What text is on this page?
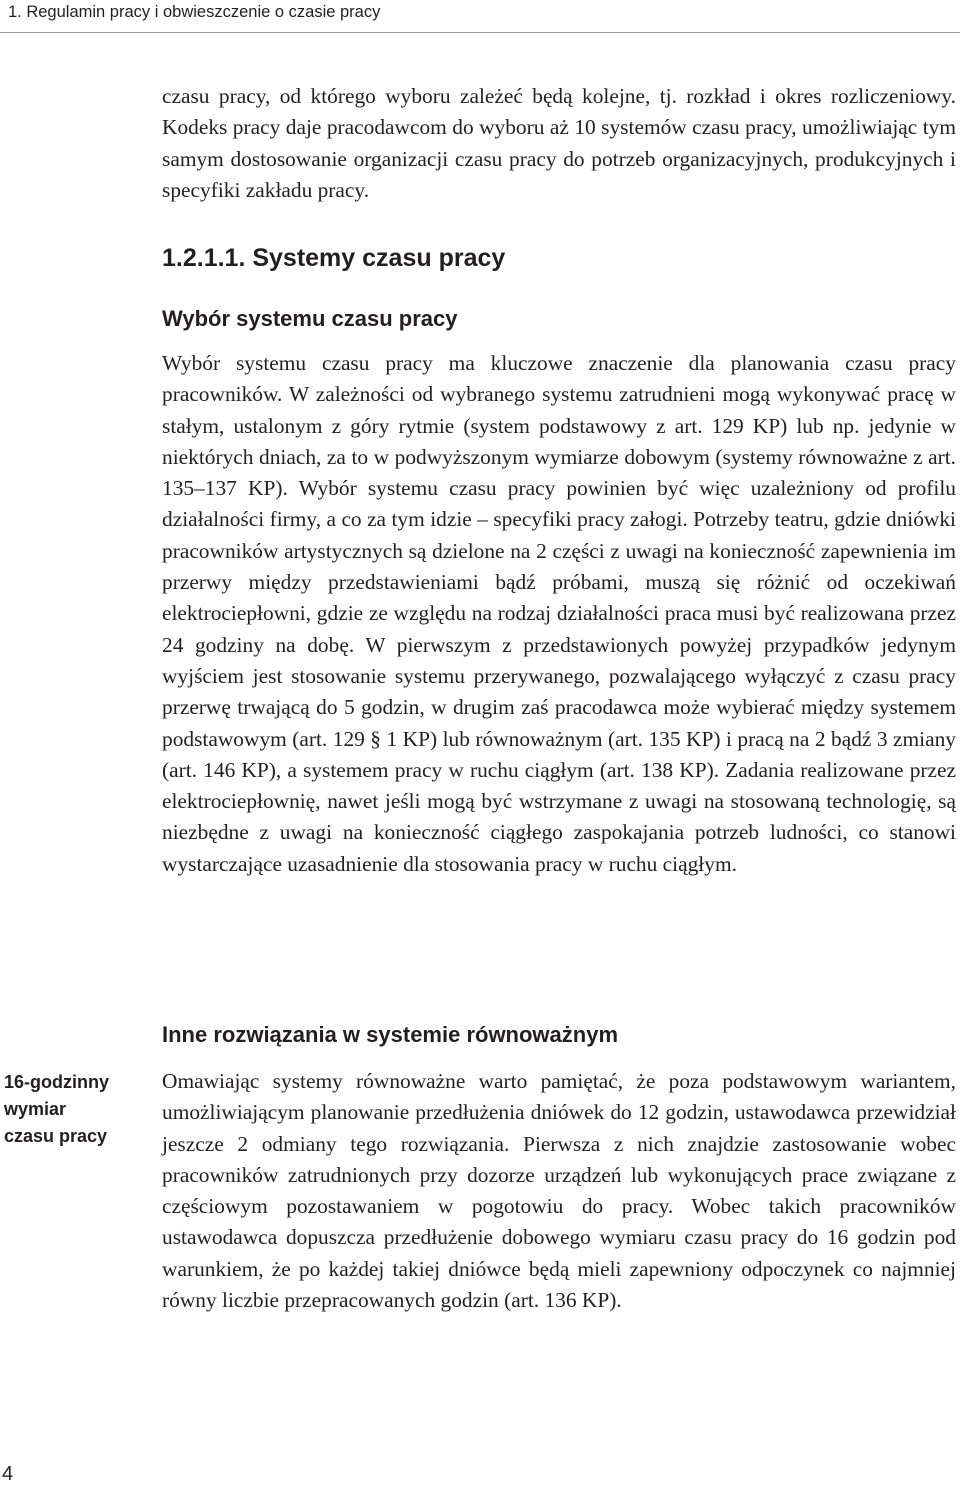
1. Regulamin pracy i obwieszczenie o czasie pracy

czasu pracy, od którego wyboru zależeć będą kolejne, tj. rozkład i okres rozliczeniowy. Kodeks pracy daje pracodawcom do wyboru aż 10 systemów czasu pracy, umożliwiając tym samym dostosowanie organizacji czasu pracy do potrzeb organizacyjnych, produkcyjnych i specyfiki zakładu pracy.

1.2.1.1. Systemy czasu pracy
Wybór systemu czasu pracy

Wybór systemu czasu pracy ma kluczowe znaczenie dla planowania czasu pracy pracowników. W zależności od wybranego systemu zatrudnieni mogą wykonywać pracę w stałym, ustalonym z góry rytmie (system podstawowy z art. 129 KP) lub np. jedynie w niektórych dniach, za to w podwyższonym wymiarze dobowym (systemy równoważne z art. 135–137 KP). Wybór systemu czasu pracy powinien być więc uzależniony od profilu działalności firmy, a co za tym idzie – specyfiki pracy załogi. Potrzeby teatru, gdzie dniówki pracowników artystycznych są dzielone na 2 części z uwagi na konieczność zapewnienia im przerwy między przedstawieniami bądź próbami, muszą się różnić od oczekiwań elektrociepłowni, gdzie ze względu na rodzaj działalności praca musi być realizowana przez 24 godziny na dobę. W pierwszym z przedstawionych powyżej przypadków jedynym wyjściem jest stosowanie systemu przerywanego, pozwalającego wyłączyć z czasu pracy przerwę trwającą do 5 godzin, w drugim zaś pracodawca może wybierać między systemem podstawowym (art. 129 § 1 KP) lub równoważnym (art. 135 KP) i pracą na 2 bądź 3 zmiany (art. 146 KP), a systemem pracy w ruchu ciągłym (art. 138 KP). Zadania realizowane przez elektrociepłownię, nawet jeśli mogą być wstrzymane z uwagi na stosowaną technologię, są niezbędne z uwagi na konieczność ciągłego zaspokajania potrzeb ludności, co stanowi wystarczające uzasadnienie dla stosowania pracy w ruchu ciągłym.

Inne rozwiązania w systemie równoważnym
16-godzinny wymiar czasu pracy

Omawiając systemy równoważne warto pamiętać, że poza podstawowym wariantem, umożliwiającym planowanie przedłużenia dniówek do 12 godzin, ustawodawca przewidział jeszcze 2 odmiany tego rozwiązania. Pierwsza z nich znajdzie zastosowanie wobec pracowników zatrudnionych przy dozorze urządzeń lub wykonujących prace związane z częściowym pozostawaniem w pogotowiu do pracy. Wobec takich pracowników ustawodawca dopuszcza przedłużenie dobowego wymiaru czasu pracy do 16 godzin pod warunkiem, że po każdej takiej dniówce będą mieli zapewniony odpoczynek co najmniej równy liczbie przepracowanych godzin (art. 136 KP).

4
